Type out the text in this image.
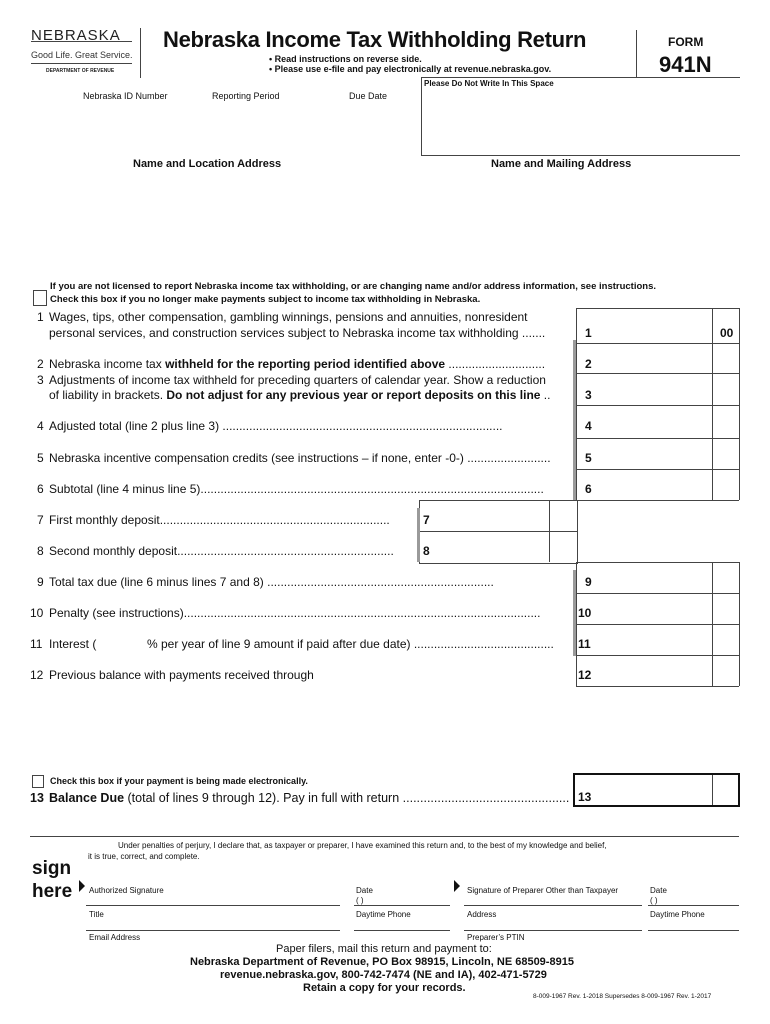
NEBRASKA
Good Life. Great Service.
DEPARTMENT OF REVENUE
Nebraska Income Tax Withholding Return
• Read instructions on reverse side.
• Please use e-file and pay electronically at revenue.nebraska.gov.
FORM
941N
Please Do Not Write In This Space
Nebraska ID Number	Reporting Period	Due Date
Name and Location Address	Name and Mailing Address
If you are not licensed to report Nebraska income tax withholding, or are changing name and/or address information, see instructions.
Check this box if you no longer make payments subject to income tax withholding in Nebraska.
1 Wages, tips, other compensation, gambling winnings, pensions and annuities, nonresident
personal services, and construction services subject to Nebraska income tax withholding .......	1	00
2 Nebraska income tax withheld for the reporting period identified above .............................	2
3 Adjustments of income tax withheld for preceding quarters of calendar year. Show a reduction
of liability in brackets. Do not adjust for any previous year or report deposits on this line ..	3
4 Adjusted total (line 2 plus line 3) ....................................................................................	4
5 Nebraska incentive compensation credits (see instructions – if none, enter -0-) .........................	5
6 Subtotal (line 4 minus line 5).......................................................................................................	6
7 First monthly deposit.....................................................................	7
8 Second monthly deposit................................................................. 8
9 Total tax due (line 6 minus lines 7 and 8) ....................................................................	9
10 Penalty (see instructions)...........................................................................................................	10
11 Interest (	% per year of line 9 amount if paid after due date) .......................................... 11
12 Previous balance with payments received through	12
Check this box if your payment is being made electronically.
13 Balance Due (total of lines 9 through 12). Pay in full with return ................................................ 13
Under penalties of perjury, I declare that, as taxpayer or preparer, I have examined this return and, to the best of my knowledge and belief,
it is true, correct, and complete.
sign
here Authorized Signature	Date
( )
Signature of Preparer Other than Taxpayer	Date
( )
Title	Daytime Phone	Address	Daytime Phone
Email Address	Preparer’s PTIN
Paper filers, mail this return and payment to:
Nebraska Department of Revenue, PO Box 98915, Lincoln, NE 68509-8915
revenue.nebraska.gov, 800-742-7474 (NE and IA), 402-471-5729
Retain a copy for your records.
8-009-1967 Rev. 1-2018 Supersedes 8-009-1967 Rev. 1-2017
